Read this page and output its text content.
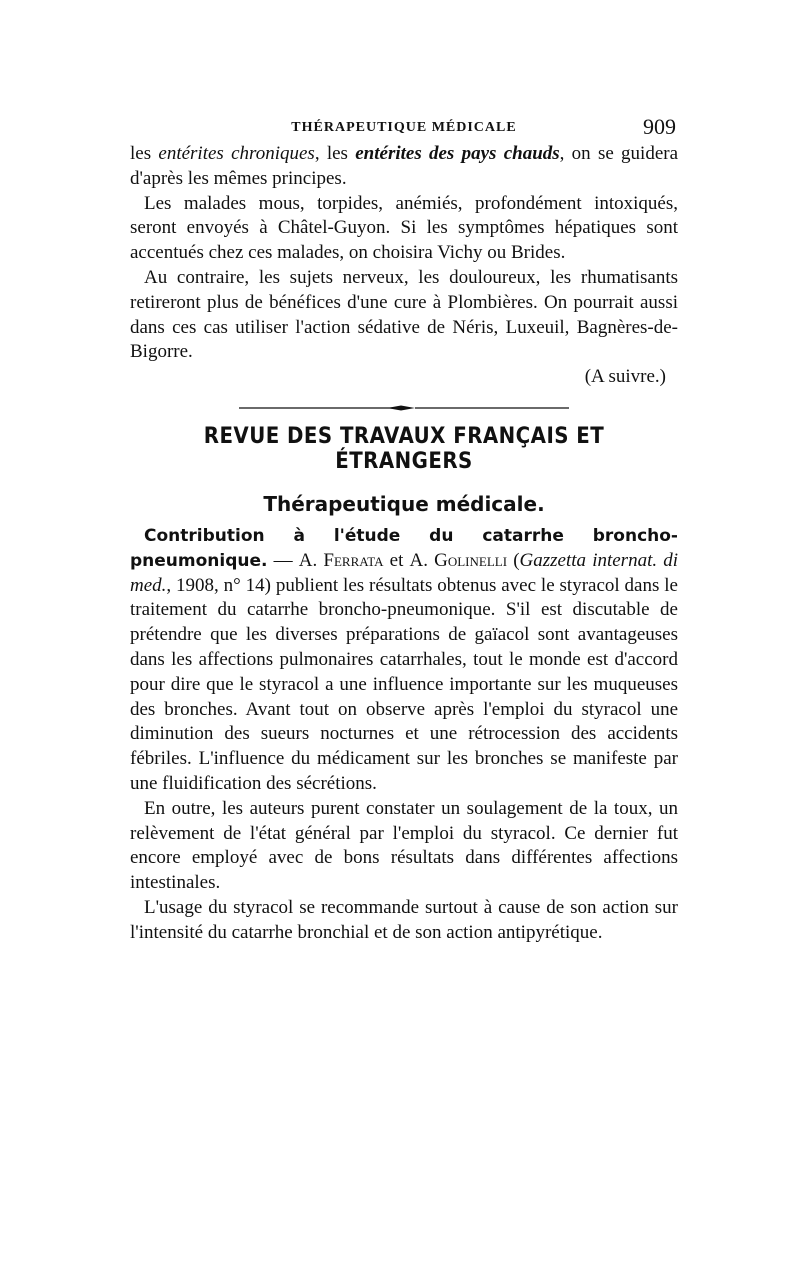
THÉRAPEUTIQUE MÉDICALE	909

les entérites chroniques, les entérites des pays chauds, on se guidera d'après les mêmes principes.

Les malades mous, torpides, anémiés, profondément intoxiqués, seront envoyés à Châtel-Guyon. Si les symptômes hépatiques sont accentués chez ces malades, on choisira Vichy ou Brides.

Au contraire, les sujets nerveux, les douloureux, les rhumatisants retireront plus de bénéfices d'une cure à Plombières. On pourrait aussi dans ces cas utiliser l'action sédative de Néris, Luxeuil, Bagnères-de-Bigorre.

(A suivre.)
REVUE DES TRAVAUX FRANÇAIS ET ÉTRANGERS
Thérapeutique médicale.

Contribution à l'étude du catarrhe broncho-pneumonique. — A. Ferrata et A. Golinelli (Gazzetta internat. di med., 1908, n° 14) publient les résultats obtenus avec le styracol dans le traitement du catarrhe broncho-pneumonique. S'il est discutable de prétendre que les diverses préparations de gaïacol sont avantageuses dans les affections pulmonaires catarrhales, tout le monde est d'accord pour dire que le styracol a une influence importante sur les muqueuses des bronches. Avant tout on observe après l'emploi du styracol une diminution des sueurs nocturnes et une rétrocession des accidents fébriles. L'influence du médicament sur les bronches se manifeste par une fluidification des sécrétions.

En outre, les auteurs purent constater un soulagement de la toux, un relèvement de l'état général par l'emploi du styracol. Ce dernier fut encore employé avec de bons résultats dans différentes affections intestinales.

L'usage du styracol se recommande surtout à cause de son action sur l'intensité du catarrhe bronchial et de son action antipyrétique.
